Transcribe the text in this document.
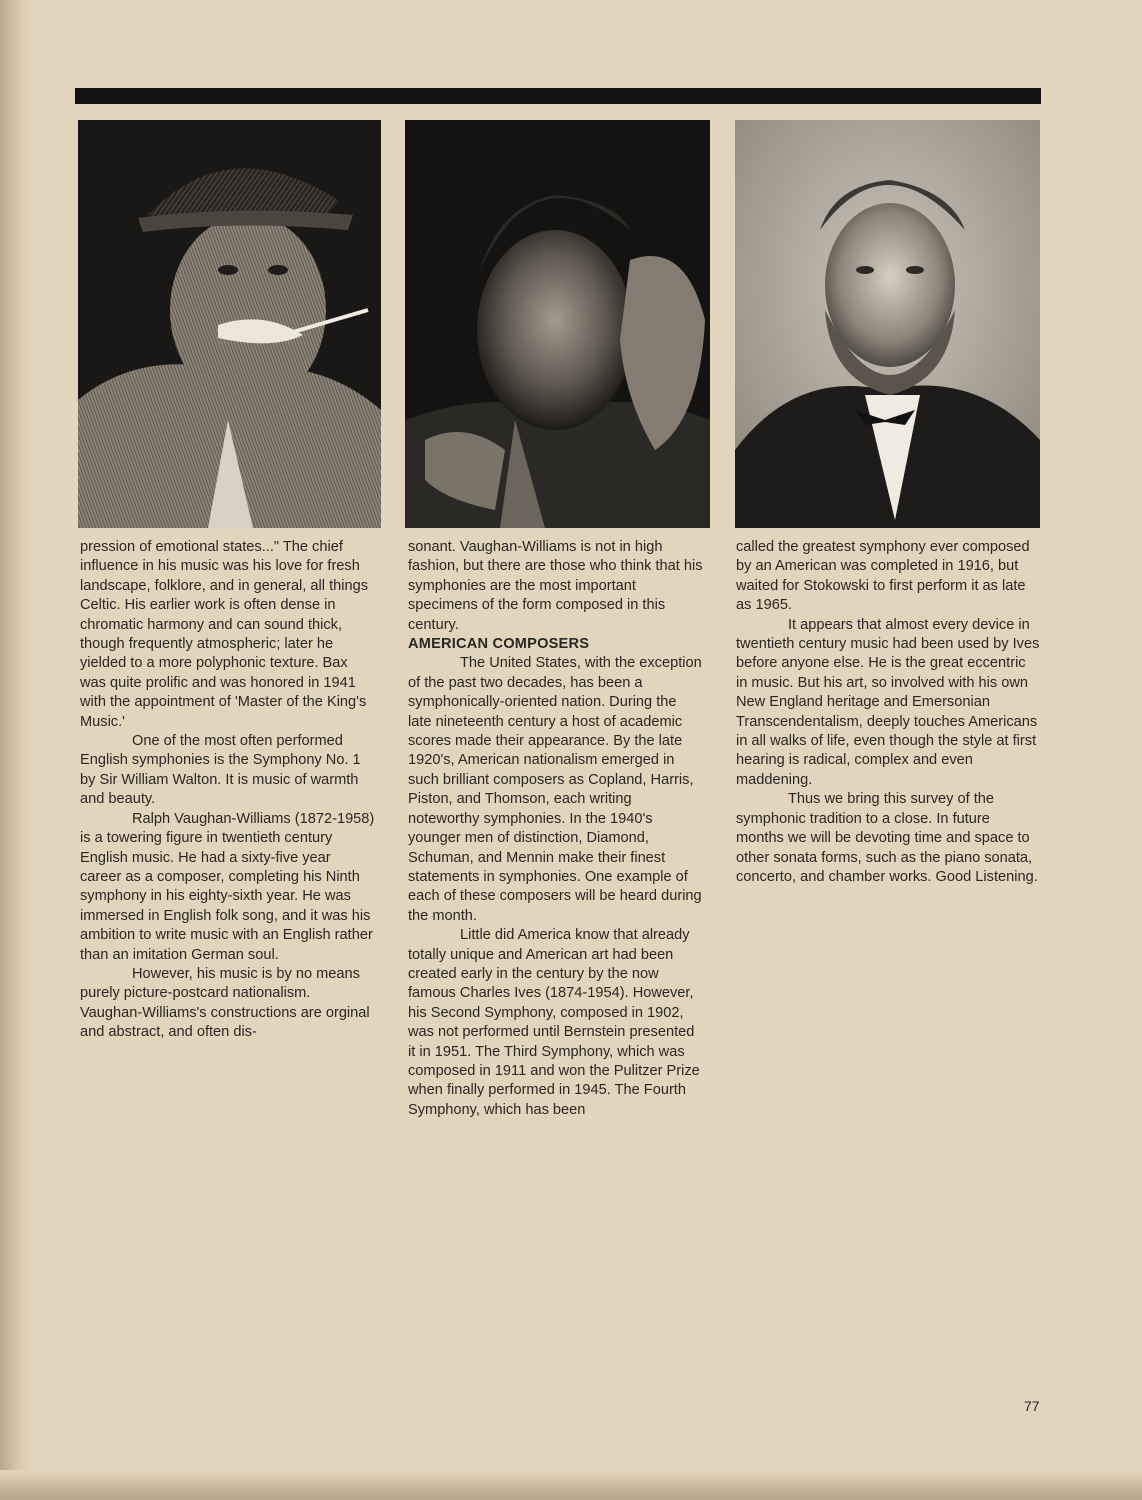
pression of emotional states..." The chief influence in his music was his love for fresh landscape, folklore, and in general, all things Celtic. His earlier work is often dense in chromatic harmony and can sound thick, though frequently atmospheric; later he yielded to a more polyphonic texture. Bax was quite prolific and was honored in 1941 with the appointment of 'Master of the King's Music.'

One of the most often performed English symphonies is the Symphony No. 1 by Sir William Walton. It is music of warmth and beauty.

Ralph Vaughan-Williams (1872-1958) is a towering figure in twentieth century English music. He had a sixty-five year career as a composer, completing his Ninth symphony in his eighty-sixth year. He was immersed in English folk song, and it was his ambition to write music with an English rather than an imitation German soul.

However, his music is by no means purely picture-postcard nationalism. Vaughan-Williams's constructions are orginal and abstract, and often dis-

sonant. Vaughan-Williams is not in high fashion, but there are those who think that his symphonies are the most important specimens of the form composed in this century.

AMERICAN COMPOSERS

The United States, with the exception of the past two decades, has been a symphonically-oriented nation. During the late nineteenth century a host of academic scores made their appearance. By the late 1920's, American nationalism emerged in such brilliant composers as Copland, Harris, Piston, and Thomson, each writing noteworthy symphonies. In the 1940's younger men of distinction, Diamond, Schuman, and Mennin make their finest statements in symphonies. One example of each of these composers will be heard during the month.

Little did America know that already totally unique and American art had been created early in the century by the now famous Charles Ives (1874-1954). However, his Second Symphony, composed in 1902, was not performed until Bernstein presented it in 1951. The Third Symphony, which was composed in 1911 and won the Pulitzer Prize when finally performed in 1945. The Fourth Symphony, which has been

called the greatest symphony ever composed by an American was completed in 1916, but waited for Stokowski to first perform it as late as 1965.

It appears that almost every device in twentieth century music had been used by Ives before anyone else. He is the great eccentric in music. But his art, so involved with his own New England heritage and Emersonian Transcendentalism, deeply touches Americans in all walks of life, even though the style at first hearing is radical, complex and even maddening.

Thus we bring this survey of the symphonic tradition to a close. In future months we will be devoting time and space to other sonata forms, such as the piano sonata, concerto, and chamber works. Good Listening.

77
